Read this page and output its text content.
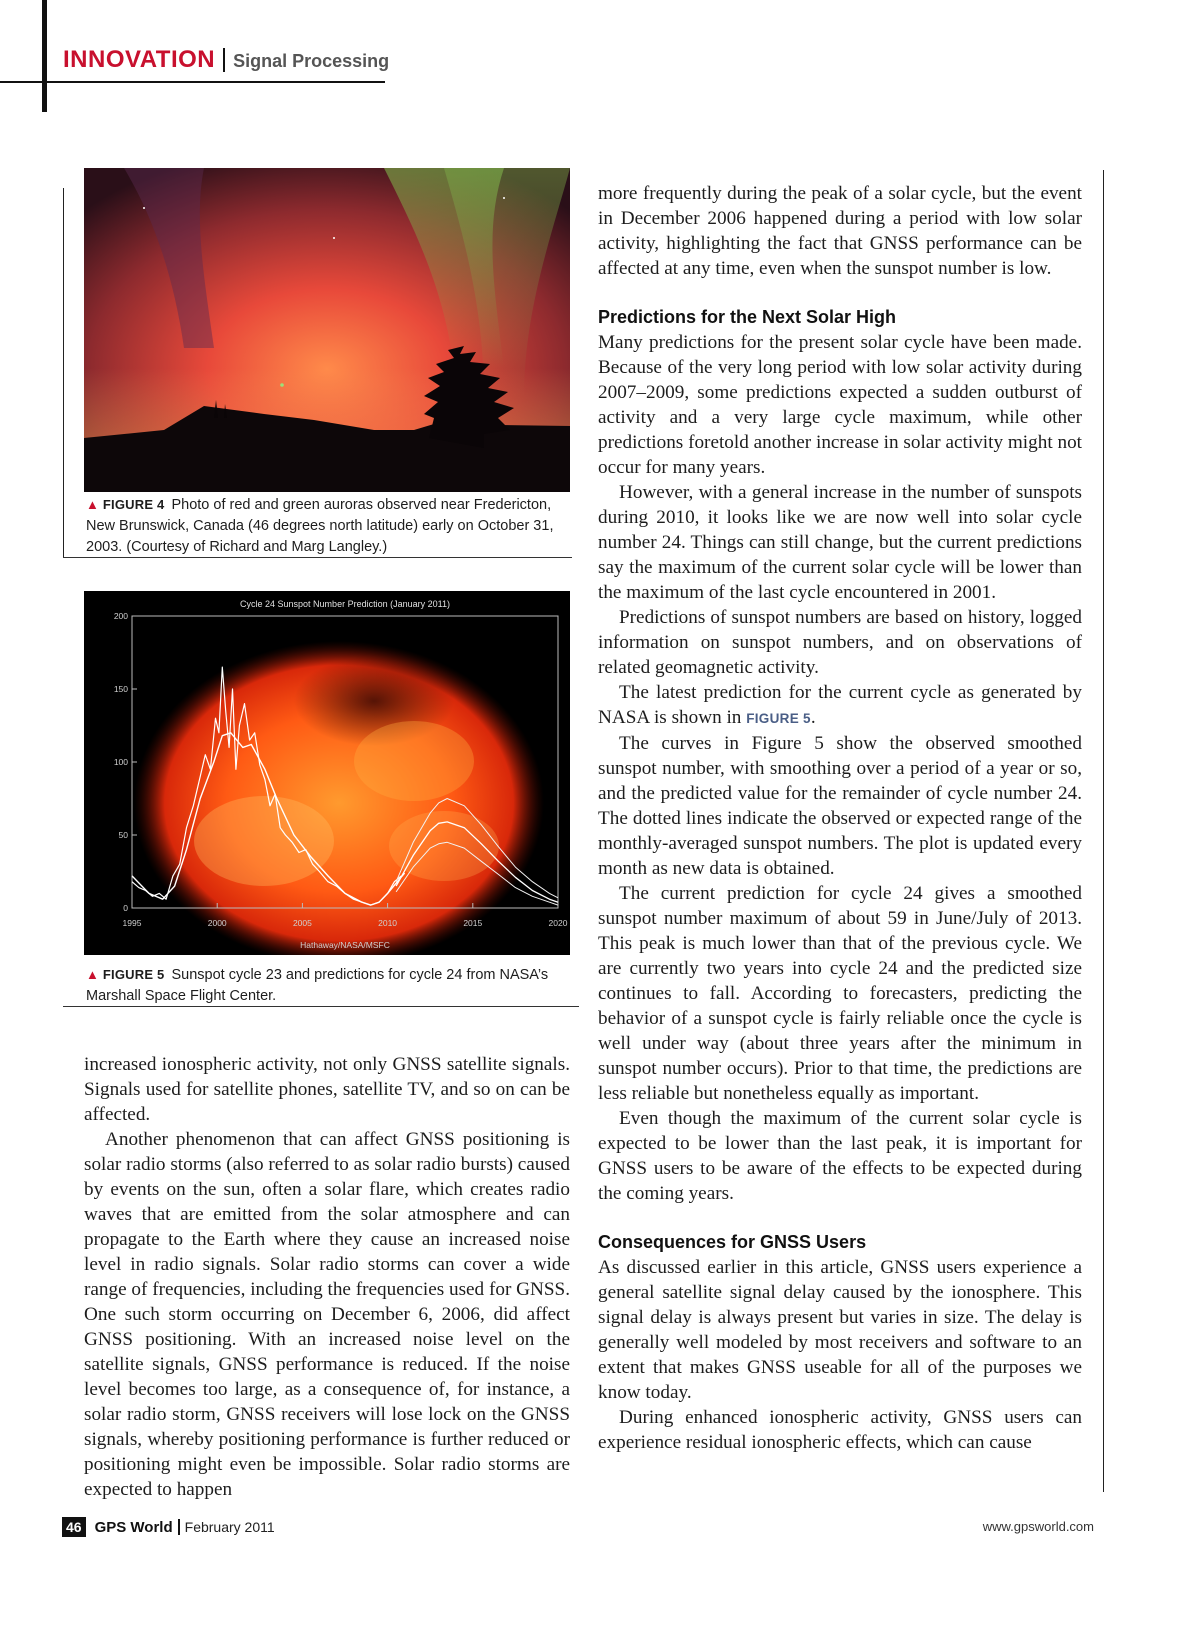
INNOVATION Signal Processing
▲ FIGURE 4 Photo of red and green auroras observed near Fredericton, New Brunswick, Canada (46 degrees north latitude) early on October 31, 2003. (Courtesy of Richard and Marg Langley.)
Cycle 24 Sunspot Number Prediction (January 2011)
0
50
100
150
200
1995	2000	2005	2010	2015	2020
Hathaway/NASA/MSFC
▲ FIGURE 5 Sunspot cycle 23 and predictions for cycle 24 from NASA’s Marshall Space Flight Center.

increased ionospheric activity, not only GNSS satellite signals. Signals used for satellite phones, satellite TV, and so on can be affected.

Another phenomenon that can affect GNSS positioning is solar radio storms (also referred to as solar radio bursts) caused by events on the sun, often a solar flare, which creates radio waves that are emitted from the solar atmosphere and can propagate to the Earth where they cause an increased noise level in radio signals. Solar radio storms can cover a wide range of frequencies, including the frequencies used for GNSS. One such storm occurring on December 6, 2006, did affect GNSS positioning. With an increased noise level on the satellite signals, GNSS performance is reduced. If the noise level becomes too large, as a consequence of, for instance, a solar radio storm, GNSS receivers will lose lock on the GNSS signals, whereby positioning performance is further reduced or positioning might even be impossible. Solar radio storms are expected to happen

more frequently during the peak of a solar cycle, but the event in December 2006 happened during a period with low solar activity, highlighting the fact that GNSS performance can be affected at any time, even when the sunspot number is low.

Predictions for the Next Solar High

Many predictions for the present solar cycle have been made. Because of the very long period with low solar activity during 2007–2009, some predictions expected a sudden outburst of activity and a very large cycle maximum, while other predictions foretold another increase in solar activity might not occur for many years.

However, with a general increase in the number of sunspots during 2010, it looks like we are now well into solar cycle number 24. Things can still change, but the current predictions say the maximum of the current solar cycle will be lower than the maximum of the last cycle encountered in 2001.

Predictions of sunspot numbers are based on history, logged information on sunspot numbers, and on observations of related geomagnetic activity.

The latest prediction for the current cycle as generated by NASA is shown in FIGURE 5.

The curves in Figure 5 show the observed smoothed sunspot number, with smoothing over a period of a year or so, and the predicted value for the remainder of cycle number 24. The dotted lines indicate the observed or expected range of the monthly-averaged sunspot numbers. The plot is updated every month as new data is obtained.

The current prediction for cycle 24 gives a smoothed sunspot number maximum of about 59 in June/July of 2013. This peak is much lower than that of the previous cycle. We are currently two years into cycle 24 and the predicted size continues to fall. According to forecasters, predicting the behavior of a sunspot cycle is fairly reliable once the cycle is well under way (about three years after the minimum in sunspot number occurs). Prior to that time, the predictions are less reliable but nonetheless equally as important.

Even though the maximum of the current solar cycle is expected to be lower than the last peak, it is important for GNSS users to be aware of the effects to be expected during the coming years.

Consequences for GNSS Users

As discussed earlier in this article, GNSS users experience a general satellite signal delay caused by the ionosphere. This signal delay is always present but varies in size. The delay is generally well modeled by most receivers and software to an extent that makes GNSS useable for all of the purposes we know today.

During enhanced ionospheric activity, GNSS users can experience residual ionospheric effects, which can cause

46 GPS World February 2011	www.gpsworld.com
